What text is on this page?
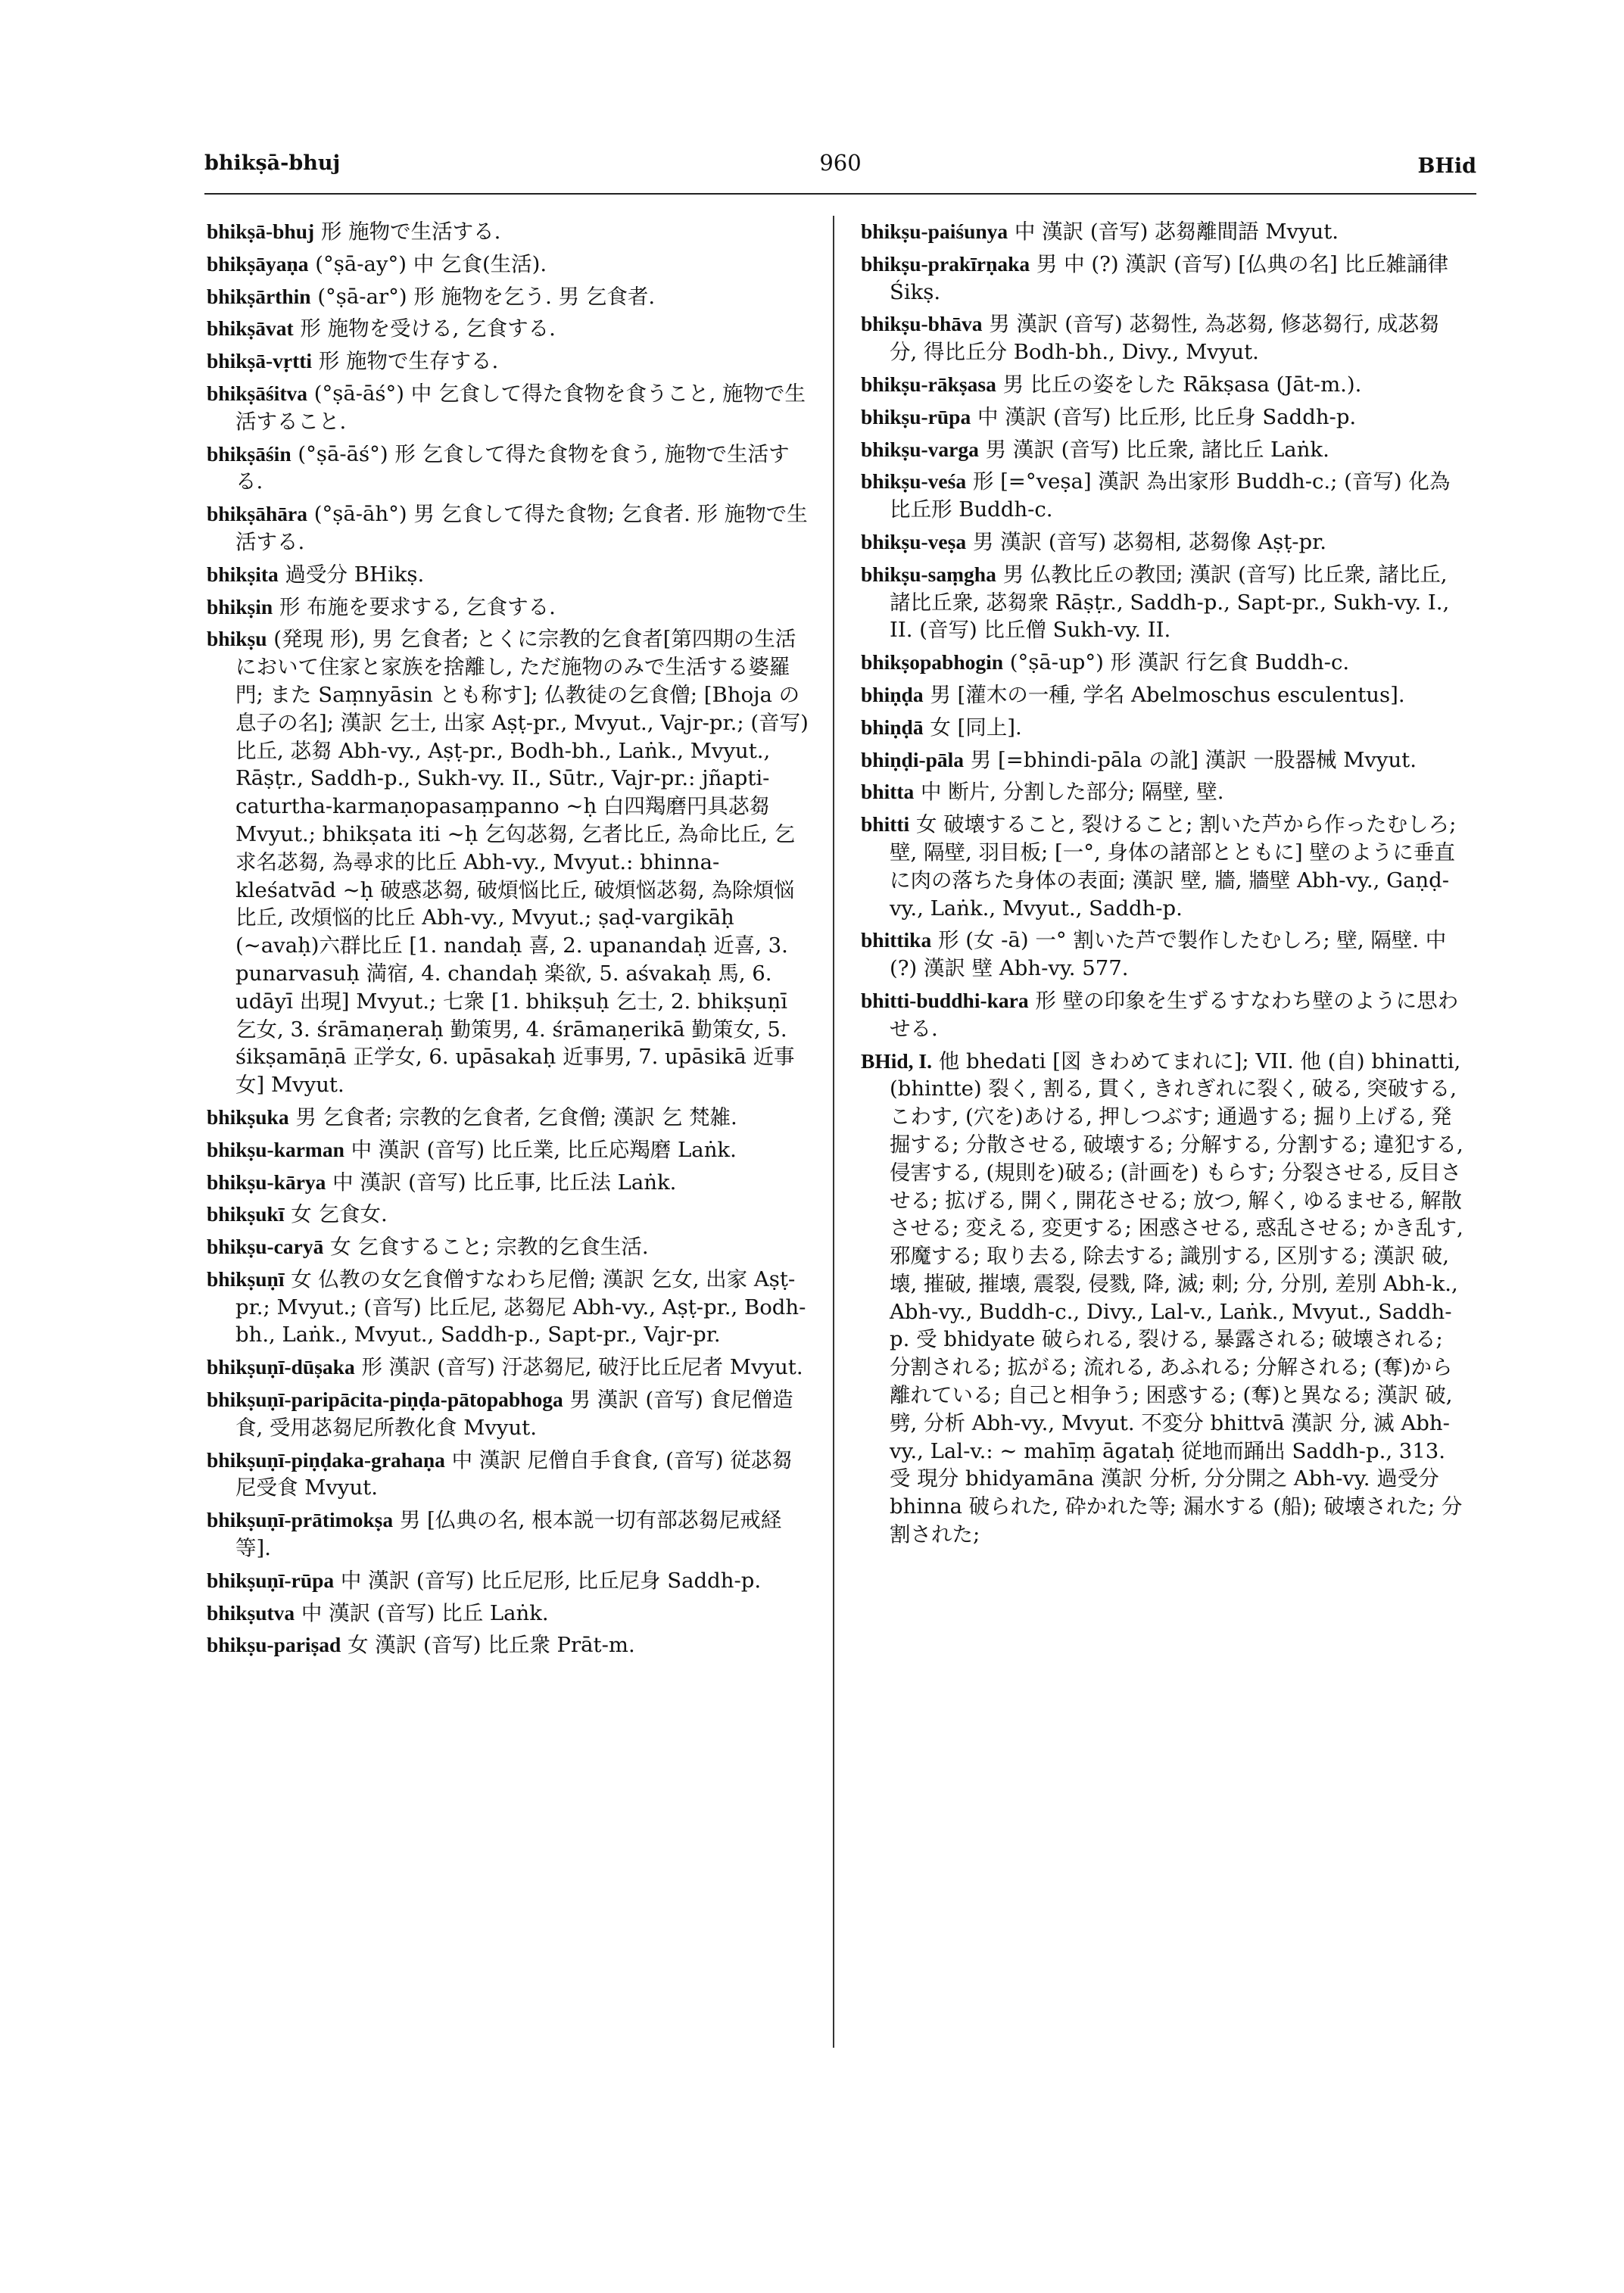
bhikṣā-bhuj	960	BHid
bhikṣā-bhuj 形 施物で生活する.
bhikṣāyaṇa (°ṣā-ay°) 中 乞食(生活).
bhikṣārthin (°ṣā-ar°) 形 施物を乞う. 男 乞食者.
bhikṣāvat 形 施物を受ける, 乞食する.
bhikṣā-vṛtti 形 施物で生存する.
bhikṣāśitva (°ṣā-āś°) 中 乞食して得た食物を食うこと, 施物で生活すること.
bhikṣāśin (°ṣā-āś°) 形 乞食して得た食物を食う, 施物で生活する.
bhikṣāhāra (°ṣā-āh°) 男 乞食して得た食物; 乞食者. 形 施物で生活する.
bhikṣita 過受分 BHikṣ.
bhikṣin 形 布施を要求する, 乞食する.
bhikṣu (発現 形), 男 乞食者; とくに宗教的乞食者[第四期の生活において住家と家族を捨離し, ただ施物のみで生活する婆羅門; また Saṃnyāsin とも称す]; 仏教徒の乞食僧; [Bhoja の息子の名]; 漢訳 乞士, 出家 Aṣṭ-pr., Mvyut., Vajr-pr.; (音写) 比丘, 苾芻 Abh-vy., Aṣṭ-pr., Bodh-bh., Laṅk., Mvyut., Rāṣṭr., Saddh-p., Sukh-vy. II., Sūtr., Vajr-pr.: jñapti-caturtha-karmaṇopasaṃpanno ∼ḥ 白四羯磨円具苾芻 Mvyut.; bhikṣata iti ∼ḥ 乞匃苾芻, 乞者比丘, 為命比丘, 乞求名苾芻, 為尋求的比丘 Abh-vy., Mvyut.: bhinna-kleśatvād ∼ḥ 破惑苾芻, 破煩悩比丘, 破煩悩苾芻, 為除煩悩比丘, 改煩悩的比丘 Abh-vy., Mvyut.; ṣaḍ-vargikāḥ (∼avaḥ)六群比丘 [1. nandaḥ 喜, 2. upanandaḥ 近喜, 3. punarvasuḥ 満宿, 4. chandaḥ 楽欲, 5. aśvakaḥ 馬, 6. udāyī 出現] Mvyut.; 七衆 [1. bhikṣuḥ 乞士, 2. bhikṣuṇī 乞女, 3. śrāmaṇeraḥ 勤策男, 4. śrāmaṇerikā 勤策女, 5. śikṣamāṇā 正学女, 6. upāsakaḥ 近事男, 7. upāsikā 近事女] Mvyut.
bhikṣuka 男 乞食者; 宗教的乞食者, 乞食僧; 漢訳 乞 梵雑.
bhikṣu-karman 中 漢訳 (音写) 比丘業, 比丘応羯磨 Laṅk.
bhikṣu-kārya 中 漢訳 (音写) 比丘事, 比丘法 Laṅk.
bhikṣukī 女 乞食女.
bhikṣu-caryā 女 乞食すること; 宗教的乞食生活.
bhikṣuṇī 女 仏教の女乞食僧すなわち尼僧; 漢訳 乞女, 出家 Aṣṭ-pr.; Mvyut.; (音写) 比丘尼, 苾芻尼 Abh-vy., Aṣṭ-pr., Bodh-bh., Laṅk., Mvyut., Saddh-p., Sapt-pr., Vajr-pr.
bhikṣuṇī-dūṣaka 形 漢訳 (音写) 汙苾芻尼, 破汙比丘尼者 Mvyut.
bhikṣuṇī-paripācita-piṇḍa-pātopabhoga 男 漢訳 (音写) 食尼僧造食, 受用苾芻尼所教化食 Mvyut.
bhikṣuṇī-piṇḍaka-grahaṇa 中 漢訳 尼僧自手食食, (音写) 従苾芻尼受食 Mvyut.
bhikṣuṇī-prātimokṣa 男 [仏典の名, 根本説一切有部苾芻尼戒経等].
bhikṣuṇī-rūpa 中 漢訳 (音写) 比丘尼形, 比丘尼身 Saddh-p.
bhikṣutva 中 漢訳 (音写) 比丘 Laṅk.
bhikṣu-pariṣad 女 漢訳 (音写) 比丘衆 Prāt-m.
bhikṣu-paiśunya 中 漢訳 (音写) 苾芻離間語 Mvyut.
bhikṣu-prakīrṇaka 男 中 (?) 漢訳 (音写) [仏典の名] 比丘雑誦律 Śikṣ.
bhikṣu-bhāva 男 漢訳 (音写) 苾芻性, 為苾芻, 修苾芻行, 成苾芻分, 得比丘分 Bodh-bh., Divy., Mvyut.
bhikṣu-rākṣasa 男 比丘の姿をした Rākṣasa (Jāt-m.).
bhikṣu-rūpa 中 漢訳 (音写) 比丘形, 比丘身 Saddh-p.
bhikṣu-varga 男 漢訳 (音写) 比丘衆, 諸比丘 Laṅk.
bhikṣu-veśa 形 [=°veṣa] 漢訳 為出家形 Buddh-c.; (音写) 化為比丘形 Buddh-c.
bhikṣu-veṣa 男 漢訳 (音写) 苾芻相, 苾芻像 Aṣṭ-pr.
bhikṣu-saṃgha 男 仏教比丘の教団; 漢訳 (音写) 比丘衆, 諸比丘, 諸比丘衆, 苾芻衆 Rāṣṭr., Saddh-p., Sapt-pr., Sukh-vy. I., II. (音写) 比丘僧 Sukh-vy. II.
bhikṣopabhogin (°ṣā-up°) 形 漢訳 行乞食 Buddh-c.
bhiṇḍa 男 [灌木の一種, 学名 Abelmoschus esculentus].
bhiṇḍā 女 [同上].
bhiṇḍi-pāla 男 [=bhindi-pāla の訛] 漢訳 一股器械 Mvyut.
bhitta 中 断片, 分割した部分; 隔壁, 壁.
bhitti 女 破壊すること, 裂けること; 割いた芦から作ったむしろ; 壁, 隔壁, 羽目板; [一°, 身体の諸部とともに] 壁のように垂直に肉の落ちた身体の表面; 漢訳 壁, 牆, 牆壁 Abh-vy., Gaṇḍ-vy., Laṅk., Mvyut., Saddh-p.
bhittika 形 (女 -ā) 一° 割いた芦で製作したむしろ; 壁, 隔壁. 中 (?) 漢訳 壁 Abh-vy. 577.
bhitti-buddhi-kara 形 壁の印象を生ずるすなわち壁のように思わせる.
BHid, I. 他 bhedati [図 きわめてまれに]; VII. 他 (自) bhinatti, (bhintte) 裂く, 割る, 貫く, きれぎれに裂く, 破る, 突破する, こわす, (穴を)あける, 押しつぶす; 通過する; 掘り上げる, 発掘する; 分散させる, 破壊する; 分解する, 分割する; 違犯する, 侵害する, (規則を)破る; (計画を) もらす; 分裂させる, 反目させる; 拡げる, 開く, 開花させる; 放つ, 解く, ゆるませる, 解散させる; 変える, 変更する; 困惑させる, 惑乱させる; かき乱す, 邪魔する; 取り去る, 除去する; 識別する, 区別する; 漢訳 破, 壊, 摧破, 摧壊, 震裂, 侵戮, 降, 滅; 刺; 分, 分別, 差別 Abh-k., Abh-vy., Buddh-c., Divy., Lal-v., Laṅk., Mvyut., Saddh-p. 受 bhidyate 破られる, 裂ける, 暴露される; 破壊される; 分割される; 拡がる; 流れる, あふれる; 分解される; (奪)から離れている; 自己と相争う; 困惑する; (奪)と異なる; 漢訳 破, 劈, 分析 Abh-vy., Mvyut. 不変分 bhittvā 漢訳 分, 滅 Abh-vy., Lal-v.: ∼ mahīṃ āgataḥ 従地而踊出 Saddh-p., 313. 受 現分 bhidyamāna 漢訳 分析, 分分開之 Abh-vy. 過受分 bhinna 破られた, 砕かれた等; 漏水する (船); 破壊された; 分割された;
